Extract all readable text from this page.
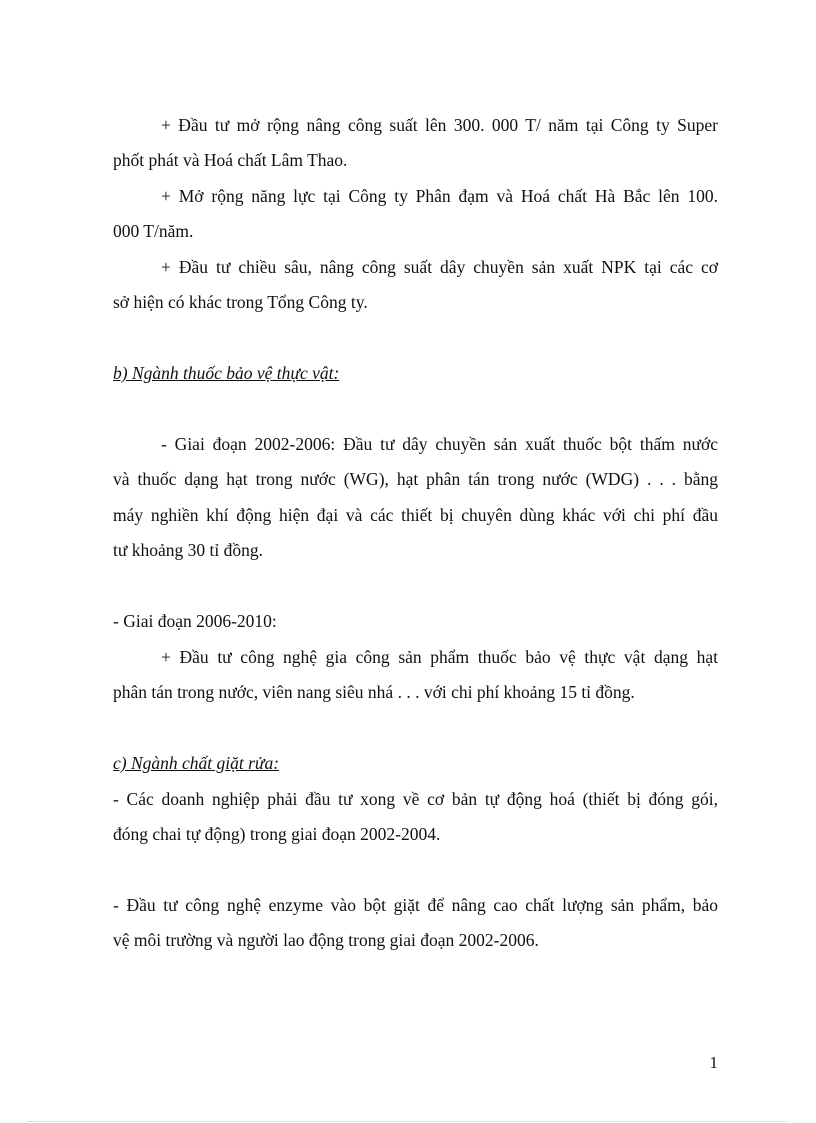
+ Đầu tư mở rộng nâng công suất lên 300. 000 T/ năm tại Công ty Super
phốt phát và Hoá chất Lâm Thao.
+ Mở rộng năng lực tại Công ty Phân đạm và Hoá chất Hà Bắc lên 100.
000 T/năm.
+ Đầu tư chiều sâu, nâng công suất dây chuyền sản xuất NPK tại các cơ
sở hiện có khác trong Tổng Công ty.
b) Ngành thuốc bảo vệ thực vật:
- Giai đoạn 2002-2006: Đầu tư dây chuyền sản xuất thuốc bột thấm nước
và thuốc dạng hạt trong nước (WG), hạt phân tán trong nước (WDG) . . . bằng
máy nghiền khí động hiện đại và các thiết bị chuyên dùng khác với chi phí đầu
tư khoảng 30 tỉ đồng.
- Giai đoạn 2006-2010:
+ Đầu tư công nghệ gia công sản phẩm thuốc bảo vệ thực vật dạng hạt
phân tán trong nước, viên nang siêu nhá . . . với chi phí khoảng 15 tỉ đồng.
c) Ngành chất giặt rửa:
- Các doanh nghiệp phải đầu tư xong về cơ bản tự động hoá (thiết bị đóng gói,
đóng chai tự động) trong giai đoạn 2002-2004.
- Đầu tư công nghệ enzyme vào bột giặt để nâng cao chất lượng sản phẩm, bảo
vệ môi trường và người lao động trong giai đoạn 2002-2006.
1
